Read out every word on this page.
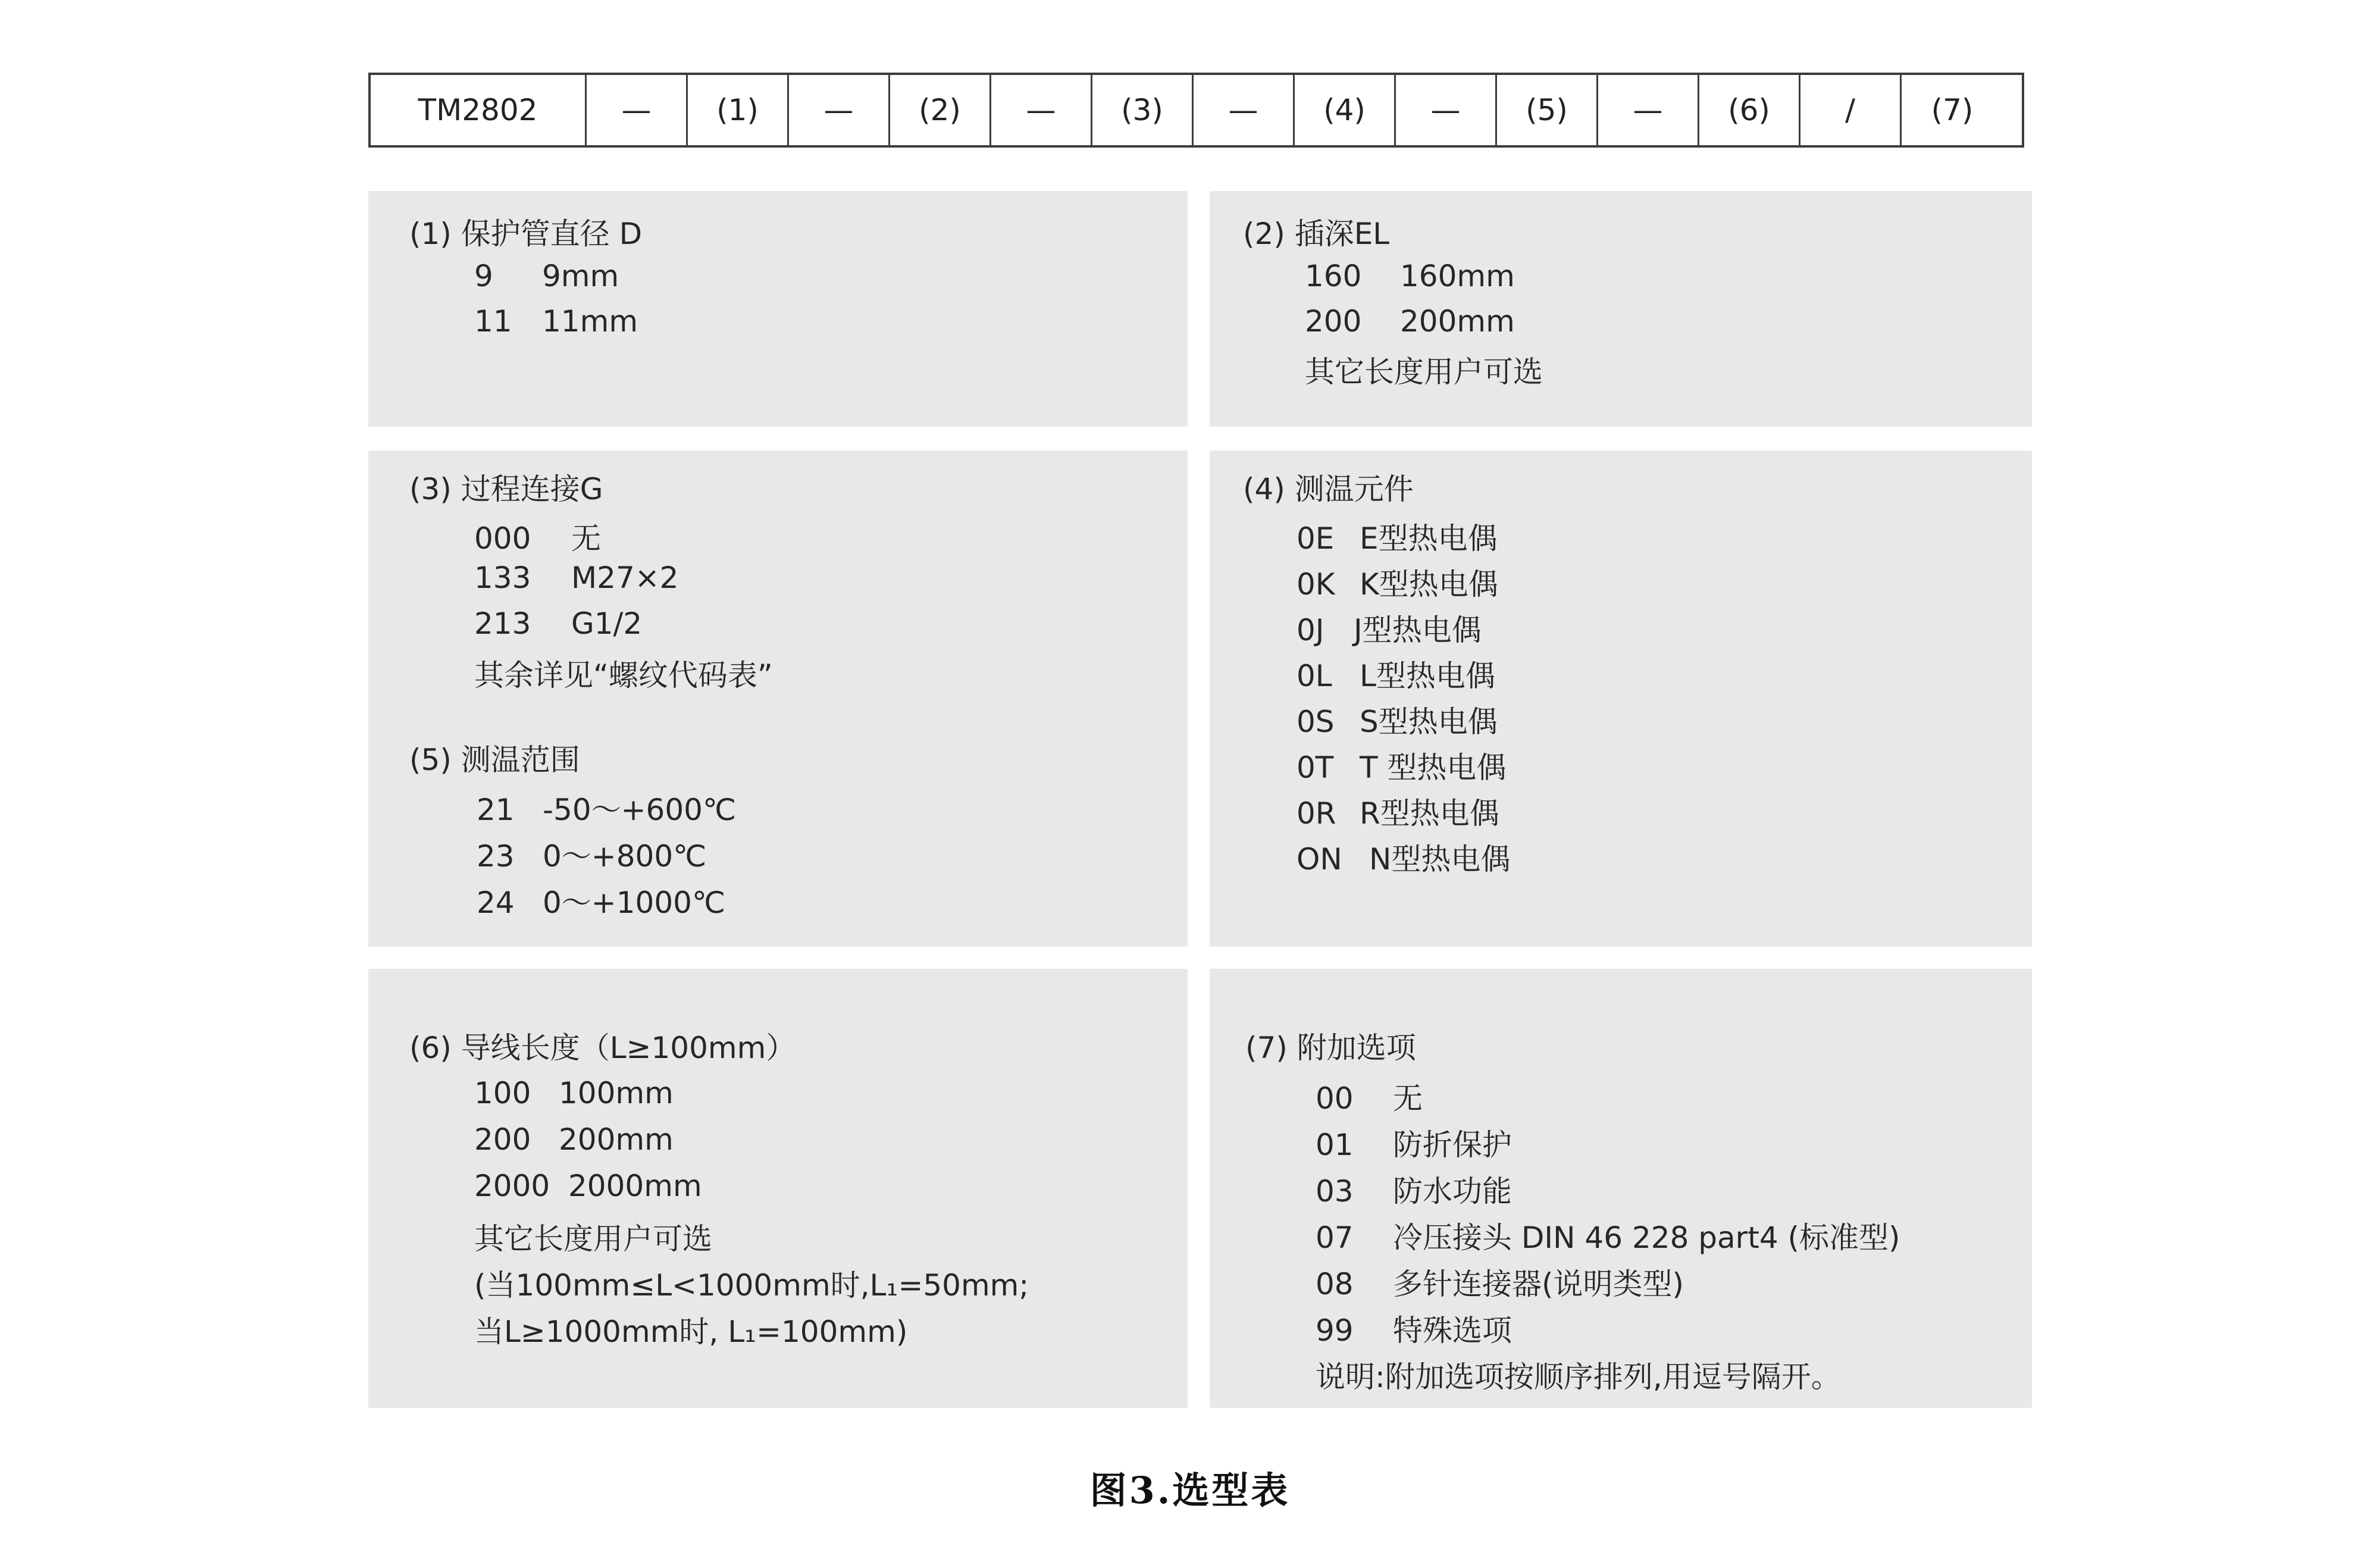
TM2802	—	(1)	—	(2)	—	(3)	—	(4)	—	(5)	—	(6)	/	(7)
(1) 保护管直径 D
9 9mm
11 11mm
(2) 插深EL
160 160mm
200 200mm
其它长度用户可选
(3) 过程连接G
000 无
133 M27×2
213 G1/2
其余详见“螺纹代码表”
(5) 测温范围
21 -50～+600℃
23 0～+800℃
24 0～+1000℃
(4) 测温元件
0E E型热电偶
0K K型热电偶
0J J型热电偶
0L L型热电偶
0S S型热电偶
0T T 型热电偶
0R R型热电偶
ON N型热电偶
(6) 导线长度（L≥100mm）
100 100mm
200 200mm
2000 2000mm
其它长度用户可选
(当100mm≤L<1000mm时,L₁=50mm;
当L≥1000mm时, L₁=100mm)
(7) 附加选项
00 无
01 防折保护
03 防水功能
07 冷压接头 DIN 46 228 part4 (标准型)
08 多针连接器(说明类型)
99 特殊选项
说明:附加选项按顺序排列,用逗号隔开。
图3.选型表
